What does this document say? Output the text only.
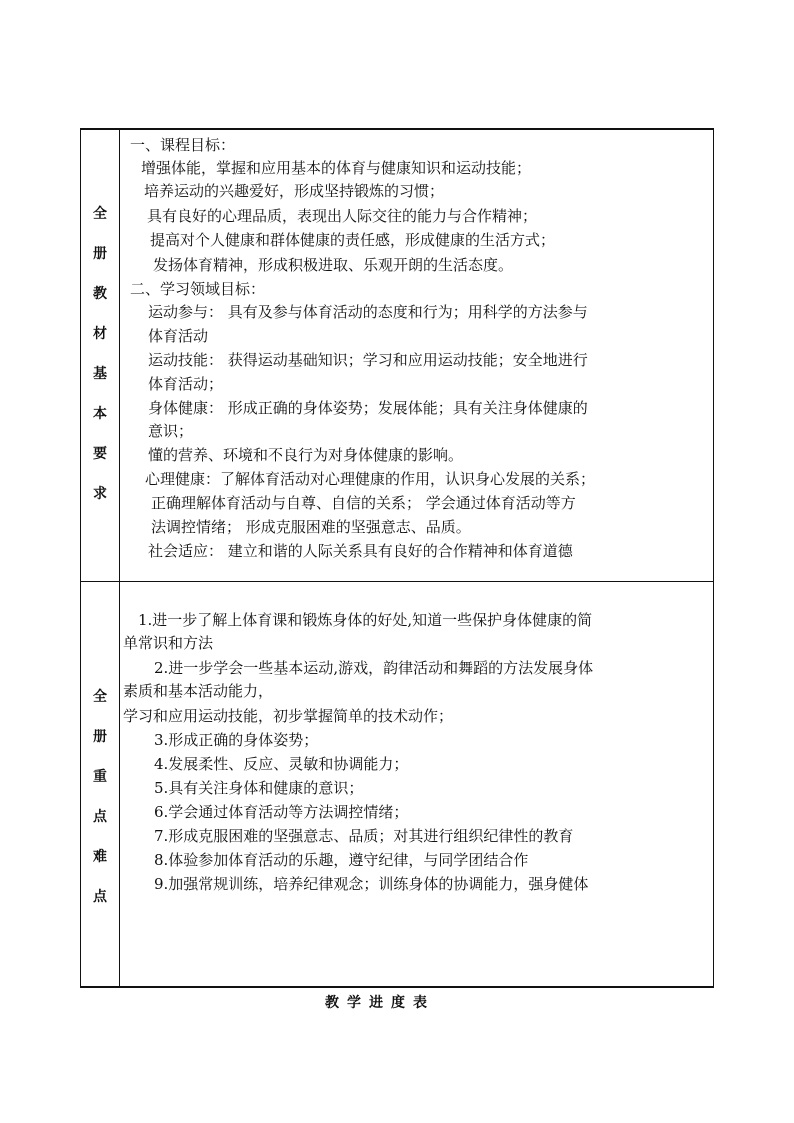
全
册
教
材
基
本
要
求
一、课程目标：
增强体能，掌握和应用基本的体育与健康知识和运动技能；
培养运动的兴趣爱好，形成坚持锻炼的习惯；
具有良好的心理品质，表现出人际交往的能力与合作精神；
提高对个人健康和群体健康的责任感，形成健康的生活方式；
发扬体育精神，形成积极进取、乐观开朗的生活态度。
二、学习领域目标：
运动参与： 具有及参与体育活动的态度和行为；用科学的方法参与
体育活动
运动技能： 获得运动基础知识；学习和应用运动技能；安全地进行
体育活动；
身体健康： 形成正确的身体姿势；发展体能；具有关注身体健康的
意识；
懂的营养、环境和不良行为对身体健康的影响。
心理健康：了解体育活动对心理健康的作用，认识身心发展的关系；
正确理解体育活动与自尊、自信的关系； 学会通过体育活动等方
法调控情绪； 形成克服困难的坚强意志、品质。
社会适应： 建立和谐的人际关系具有良好的合作精神和体育道德
全
册
重
点
难
点
1.进一步了解上体育课和锻炼身体的好处,知道一些保护身体健康的简
单常识和方法
2.进一步学会一些基本运动,游戏，韵律活动和舞蹈的方法发展身体
素质和基本活动能力，
学习和应用运动技能，初步掌握简单的技术动作；
3.形成正确的身体姿势；
4.发展柔性、反应、灵敏和协调能力；
5.具有关注身体和健康的意识；
6.学会通过体育活动等方法调控情绪；
7.形成克服困难的坚强意志、品质；对其进行组织纪律性的教育
8.体验参加体育活动的乐趣，遵守纪律，与同学团结合作
9.加强常规训练，培养纪律观念；训练身体的协调能力，强身健体
教学进度表
